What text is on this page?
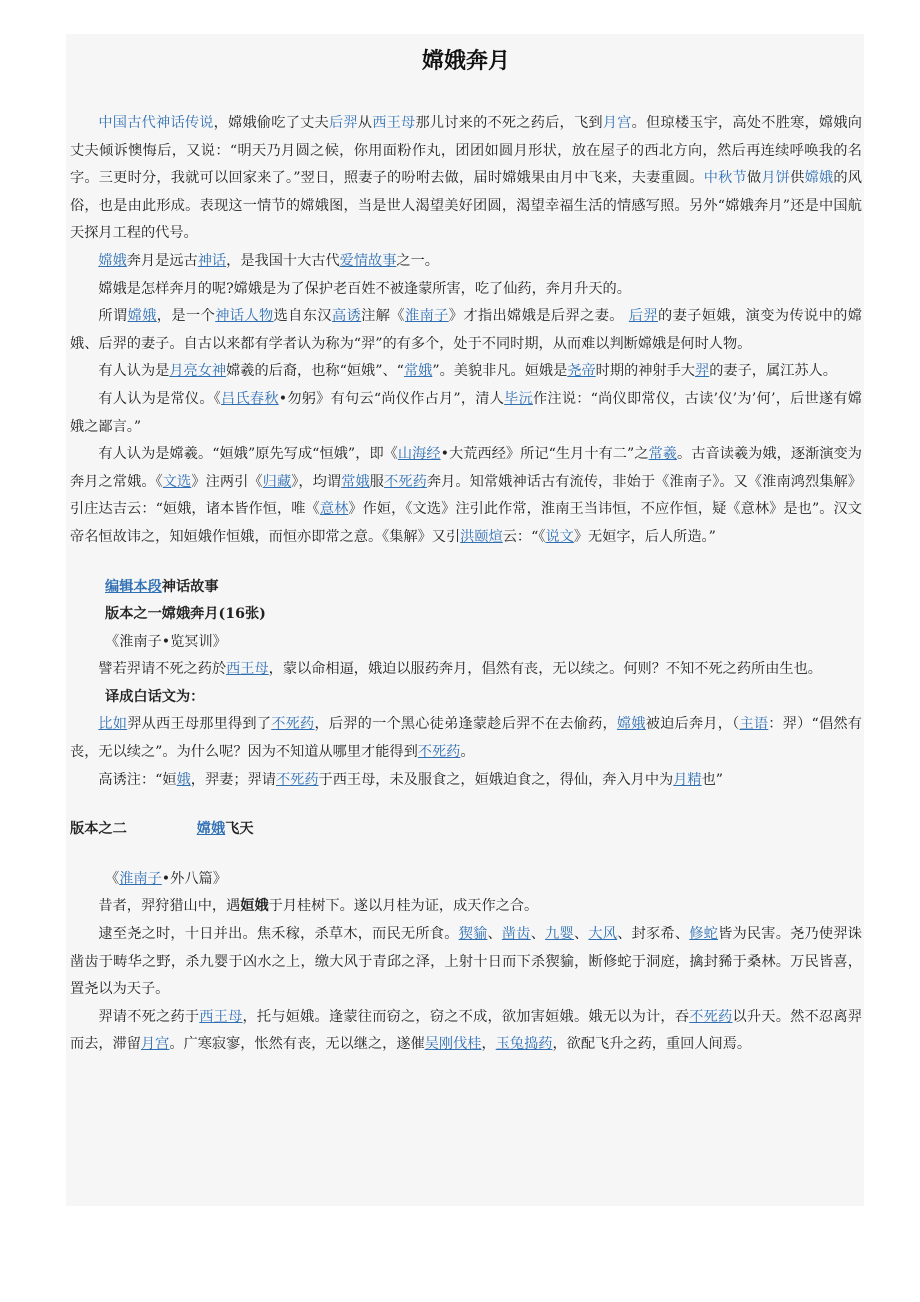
嫦娥奔月

中国古代神话传说，嫦娥偷吃了丈夫后羿从西王母那儿讨来的不死之药后，飞到月宫。但琼楼玉宇，高处不胜寒，嫦娥向丈夫倾诉懊悔后，又说：“明天乃月圆之候，你用面粉作丸，团团如圆月形状，放在屋子的西北方向，然后再连续呼唤我的名字。三更时分，我就可以回家来了。”翌日，照妻子的吩咐去做，届时嫦娥果由月中飞来，夫妻重圆。中秋节做月饼供嫦娥的风俗，也是由此形成。表现这一情节的嫦娥图，当是世人渴望美好团圆，渴望幸福生活的情感写照。另外“嫦娥奔月”还是中国航天探月工程的代号。

嫦娥奔月是远古神话，是我国十大古代爱情故事之一。

嫦娥是怎样奔月的呢?嫦娥是为了保护老百姓不被逢蒙所害，吃了仙药，奔月升天的。

所谓嫦娥，是一个神话人物选自东汉高诱注解《淮南子》才指出嫦娥是后羿之妻。 后羿的妻子姮娥，演变为传说中的嫦娥、后羿的妻子。自古以来都有学者认为称为“羿”的有多个，处于不同时期，从而难以判断嫦娥是何时人物。

有人认为是月亮女神嫦羲的后裔，也称“姮娥”、“常娥”。美貌非凡。姮娥是尧帝时期的神射手大羿的妻子，属江苏人。

有人认为是常仪。《吕氏春秋•勿躬》有句云“尚仪作占月”，清人毕沅作注说：“尚仪即常仪，古读’仪’为’何’，后世遂有嫦娥之鄙言。”

有人认为是嫦羲。“姮娥”原先写成“恒娥”，即《山海经•大荒西经》所记“生月十有二”之常羲。古音读羲为娥，逐渐演变为奔月之常娥。《文选》注两引《归藏》，均谓常娥服不死药奔月。知常娥神话古有流传，非始于《淮南子》。又《淮南鸿烈集解》引庄达吉云：“姮娥，诸本皆作恒，唯《意林》作姮，《文选》注引此作常，淮南王当讳恒，不应作恒，疑《意林》是也”。汉文帝名恒故讳之，知姮娥作恒娥，而恒亦即常之意。《集解》又引洪颐煊云：“《说文》无姮字，后人所造。”

编辑本段神话故事
版本之一嫦娥奔月(16张)
《淮南子•览冥训》

譬若羿请不死之药於西王母，蒙以命相逼，娥迫以服药奔月，倡然有丧，无以续之。何则？不知不死之药所由生也。

译成白话文为：

比如羿从西王母那里得到了不死药，后羿的一个黑心徒弟逢蒙趁后羿不在去偷药，嫦娥被迫后奔月，（主语：羿）“倡然有丧，无以续之”。为什么呢？因为不知道从哪里才能得到不死药。

高诱注：“姮娥，羿妻；羿请不死药于西王母，未及服食之，姮娥迫食之，得仙，奔入月中为月精也”

版本之二	嫦娥飞天
《淮南子•外八篇》

昔者，羿狩猎山中，遇姮娥于月桂树下。遂以月桂为证，成天作之合。

逮至尧之时，十日并出。焦禾稼，杀草木，而民无所食。猰貐、凿齿、九婴、大风、封豕希、修蛇皆为民害。尧乃使羿诛凿齿于畴华之野，杀九婴于凶水之上，缴大风于青邱之泽，上射十日而下杀猰貐，断修蛇于洞庭，擒封豨于桑林。万民皆喜，置尧以为天子。

羿请不死之药于西王母，托与姮娥。逢蒙往而窃之，窃之不成，欲加害姮娥。娥无以为计，吞不死药以升天。然不忍离羿而去，滞留月宫。广寒寂寥，怅然有丧，无以继之，遂催吴刚伐桂，玉兔捣药，欲配飞升之药，重回人间焉。
